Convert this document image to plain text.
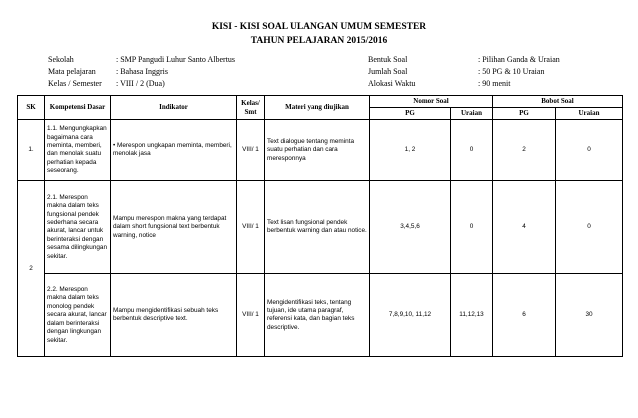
KISI - KISI SOAL ULANGAN UMUM SEMESTER
TAHUN PELAJARAN 2015/2016
Sekolah	: SMP Pangudi Luhur Santo Albertus
Mata pelajaran	: Bahasa Inggris
Kelas / Semester : VIII / 2 (Dua)
Bentuk Soal	: Pilihan Ganda & Uraian
Jumlah Soal	: 50 PG & 10 Uraian
Alokasi Waktu	: 90 menit
SK	Kompetensi Dasar	Indikator	Kelas/ Smt	Materi yang diujikan	Nomor Soal		Bobot Soal	
					PG	Uraian	PG	Uraian
1.	1.1. Mengungkapkan bagaimana cara meminta, memberi, dan menolak suatu perhatian kepada seseorang.	• Merespon ungkapan meminta, memberi, menolak jasa	VIII/ 1	Text dialogue tentang meminta suatu perhatian dan cara meresponnya	1, 2	0	2	0
2	2.1. Merespon makna dalam teks fungsional pendek sederhana secara akurat, lancar untuk berinteraksi dengan sesama dilingkungan sekitar.	Mampu merespon makna yang terdapat dalam short fungsional text berbentuk warning, notice	VIII/ 1	Text lisan fungsional pendek berbentuk warning dan atau notice.	3,4,5,6	0	4	0
	2.2. Merespon makna dalam teks monolog pendek secara akurat, lancar dalam berinteraksi dengan lingkungan sekitar.	Mampu mengidentifikasi sebuah teks berbentuk descriptive text.	VIII/ 1	Mengidentifikasi teks, tentang tujuan, ide utama paragraf, referensi kata, dan bagian teks descriptive.	7,8,9,10, 11,12	11,12,13	6	30
